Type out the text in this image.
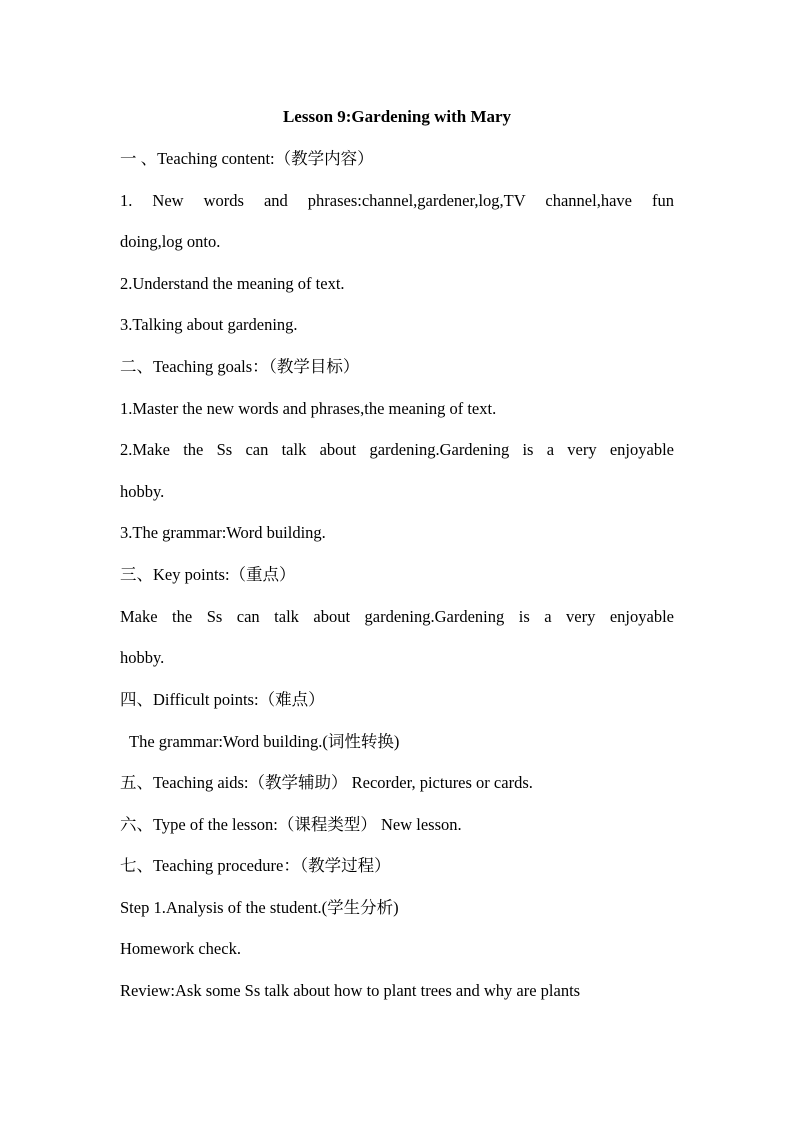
Lesson 9:Gardening with Mary
一 、Teaching content:（教学内容）
1. New words and phrases:channel,gardener,log,TV channel,have fun
doing,log onto.
2.Understand the meaning of text.
3.Talking about gardening.
二、Teaching goals：（教学目标）
1.Master the new words and phrases,the meaning of text.
2.Make the Ss can talk about gardening.Gardening is a very enjoyable
hobby.
3.The grammar:Word building.
三、Key points:（重点）
Make the Ss can talk about gardening.Gardening is a very enjoyable
hobby.
四、Difficult points:（难点）
The grammar:Word building.(词性转换)
五、Teaching aids:（教学辅助） Recorder, pictures or cards.
六、Type of the lesson:（课程类型） New lesson.
七、Teaching procedure：（教学过程）
Step 1.Analysis of the student.(学生分析)
Homework check.
Review:Ask some Ss talk about how to plant trees and why are plants
